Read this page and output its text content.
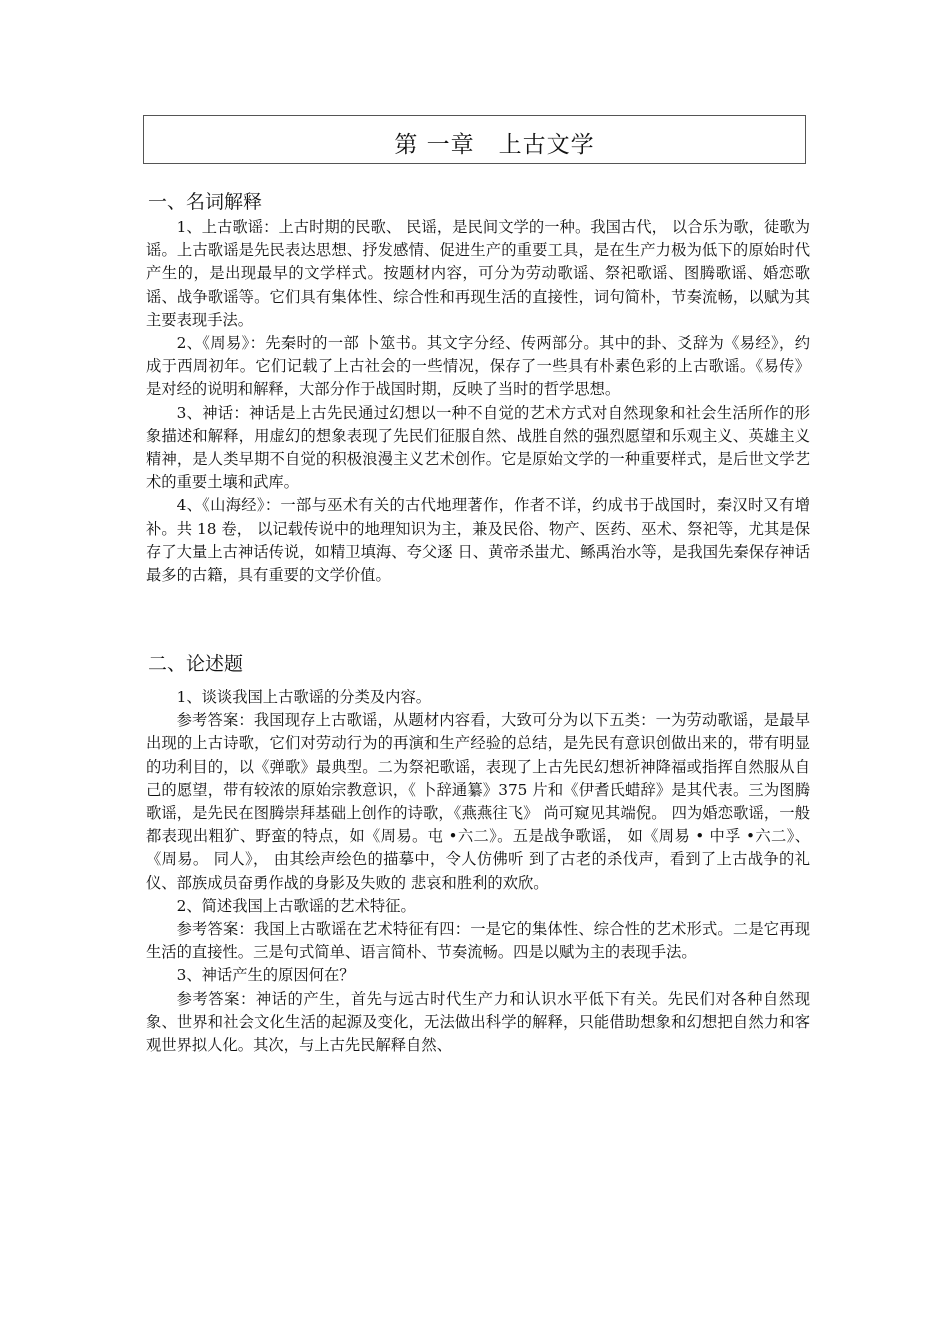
第 一章　上古文学
一、名词解释

1、上古歌谣：上古时期的民歌、 民谣，是民间文学的一种。我国古代， 以合乐为歌，徒歌为谣。上古歌谣是先民表达思想、抒发感情、促进生产的重要工具，是在生产力极为低下的原始时代产生的，是出现最早的文学样式。按题材内容，可分为劳动歌谣、祭祀歌谣、图腾歌谣、婚恋歌谣、战争歌谣等。它们具有集体性、综合性和再现生活的直接性，词句简朴，节奏流畅，以赋为其主要表现手法。

2、《周易》：先秦时的一部 卜筮书。其文字分经、传两部分。其中的卦、爻辞为《易经》，约成于西周初年。它们记载了上古社会的一些情况，保存了一些具有朴素色彩的上古歌谣。《易传》是对经的说明和解释，大部分作于战国时期，反映了当时的哲学思想。

3、神话：神话是上古先民通过幻想以一种不自觉的艺术方式对自然现象和社会生活所作的形象描述和解释，用虚幻的想象表现了先民们征服自然、战胜自然的强烈愿望和乐观主义、英雄主义精神，是人类早期不自觉的积极浪漫主义艺术创作。它是原始文学的一种重要样式，是后世文学艺术的重要土壤和武库。

4、《山海经》：一部与巫术有关的古代地理著作，作者不详，约成书于战国时，秦汉时又有增补。共 18 卷， 以记载传说中的地理知识为主，兼及民俗、物产、医药、巫术、祭祀等，尤其是保存了大量上古神话传说，如精卫填海、夸父逐 日、黄帝杀蚩尤、鲧禹治水等，是我国先秦保存神话最多的古籍，具有重要的文学价值。

二、论述题

1、谈谈我国上古歌谣的分类及内容。

参考答案：我国现存上古歌谣，从题材内容看，大致可分为以下五类：一为劳动歌谣，是最早出现的上古诗歌，它们对劳动行为的再演和生产经验的总结，是先民有意识创做出来的，带有明显的功利目的，以《弹歌》最典型。二为祭祀歌谣，表现了上古先民幻想祈神降福或指挥自然服从自己的愿望，带有较浓的原始宗教意识，《 卜辞通纂》375 片和《伊耆氏蜡辞》是其代表。三为图腾歌谣，是先民在图腾崇拜基础上创作的诗歌，《燕燕往飞》 尚可窥见其端倪。 四为婚恋歌谣，一般都表现出粗犷、野蛮的特点，如《周易。屯 •六二》。五是战争歌谣， 如《周易 • 中孚 •六二》、《周易。 同人》， 由其绘声绘色的描摹中，令人仿佛听 到了古老的杀伐声，看到了上古战争的礼仪、部族成员奋勇作战的身影及失败的 悲哀和胜利的欢欣。

2、简述我国上古歌谣的艺术特征。

参考答案：我国上古歌谣在艺术特征有四：一是它的集体性、综合性的艺术形式。二是它再现生活的直接性。三是句式简单、语言简朴、节奏流畅。四是以赋为主的表现手法。

3、神话产生的原因何在？

参考答案：神话的产生，首先与远古时代生产力和认识水平低下有关。先民们对各种自然现象、世界和社会文化生活的起源及变化，无法做出科学的解释，只能借助想象和幻想把自然力和客观世界拟人化。其次，与上古先民解释自然、
